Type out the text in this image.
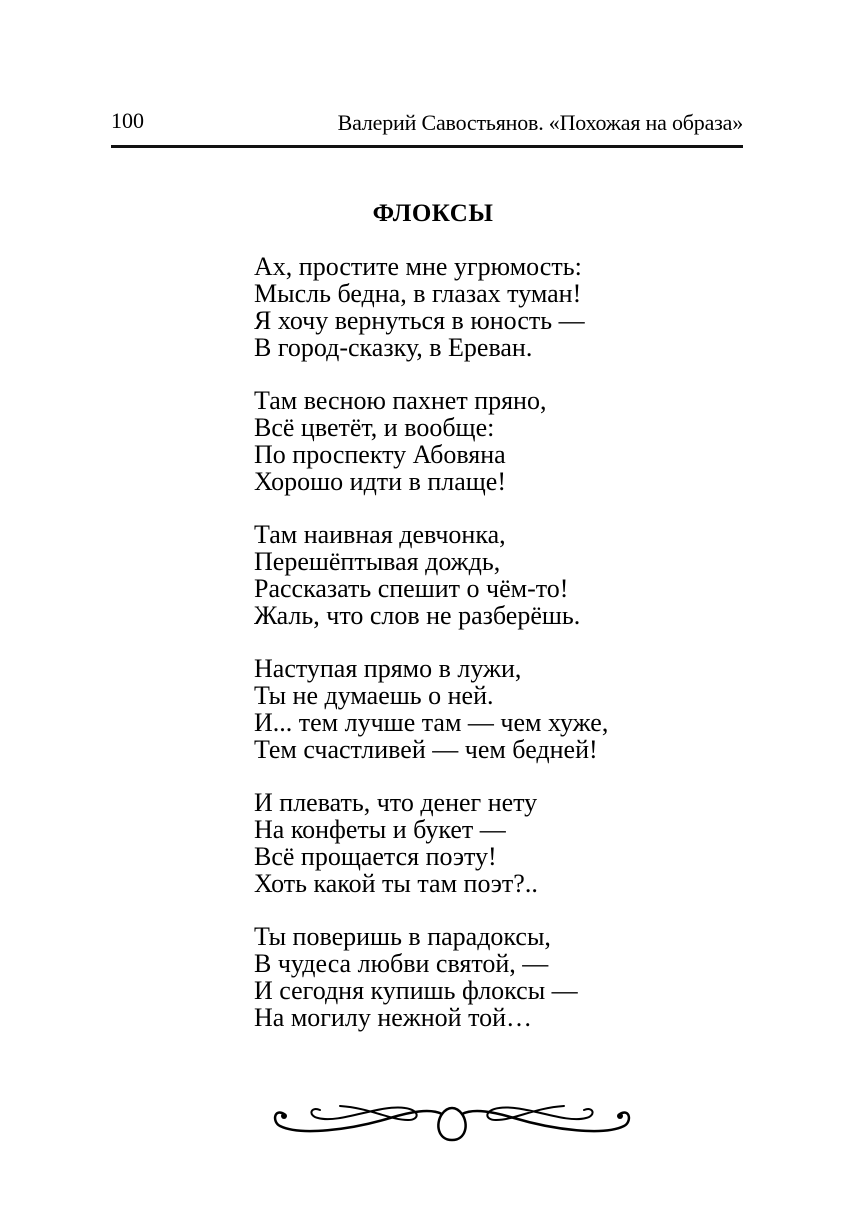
100	Валерий Савостьянов. «Похожая на образа»
ФЛОКСЫ
Ах, простите мне угрюмость:
Мысль бедна, в глазах туман!
Я хочу вернуться в юность —
В город-сказку, в Ереван.
Там весною пахнет пряно,
Всё цветёт, и вообще:
По проспекту Абовяна
Хорошо идти в плаще!
Там наивная девчонка,
Перешёптывая дождь,
Рассказать спешит о чём-то!
Жаль, что слов не разберёшь.
Наступая прямо в лужи,
Ты не думаешь о ней.
И... тем лучше там — чем хуже,
Тем счастливей — чем бедней!
И плевать, что денег нету
На конфеты и букет —
Всё прощается поэту!
Хоть какой ты там поэт?..
Ты поверишь в парадоксы,
В чудеса любви святой, —
И сегодня купишь флоксы —
На могилу нежной той…
